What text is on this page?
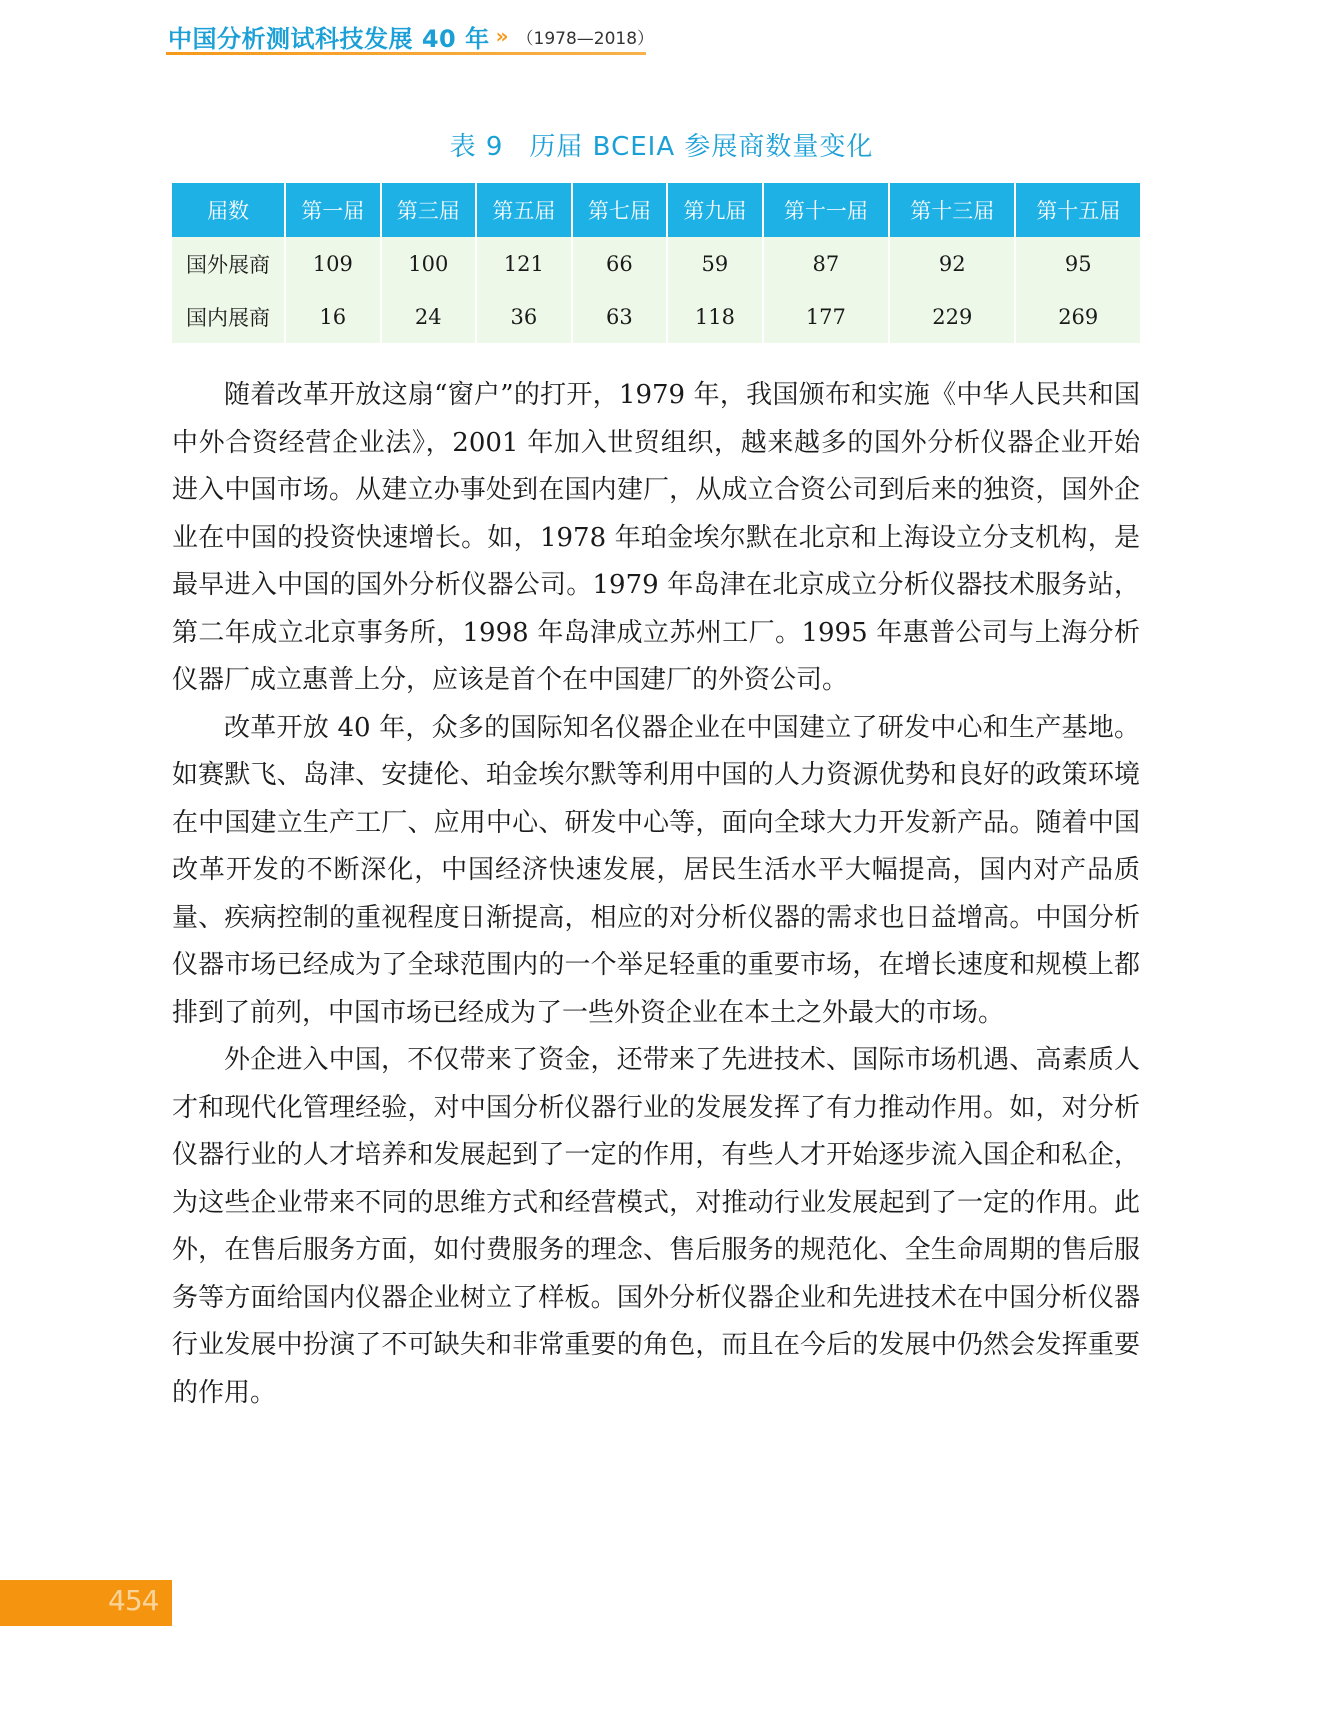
中国分析测试科技发展 40 年 » （1978—2018）
表 9 历届 BCEIA 参展商数量变化
届数	第一届	第三届	第五届	第七届	第九届	第十一届	第十三届	第十五届
国外展商	109	100	121	66	59	87	92	95
国内展商	16	24	36	63	118	177	229	269

随着改革开放这扇“窗户”的打开，1979 年，我国颁布和实施《中华人民共和国中外合资经营企业法》，2001 年加入世贸组织，越来越多的国外分析仪器企业开始进入中国市场。从建立办事处到在国内建厂，从成立合资公司到后来的独资，国外企业在中国的投资快速增长。如，1978 年珀金埃尔默在北京和上海设立分支机构，是最早进入中国的国外分析仪器公司。1979 年岛津在北京成立分析仪器技术服务站，第二年成立北京事务所，1998 年岛津成立苏州工厂。1995 年惠普公司与上海分析仪器厂成立惠普上分，应该是首个在中国建厂的外资公司。

改革开放 40 年，众多的国际知名仪器企业在中国建立了研发中心和生产基地。如赛默飞、岛津、安捷伦、珀金埃尔默等利用中国的人力资源优势和良好的政策环境在中国建立生产工厂、应用中心、研发中心等，面向全球大力开发新产品。随着中国改革开发的不断深化，中国经济快速发展，居民生活水平大幅提高，国内对产品质量、疾病控制的重视程度日渐提高，相应的对分析仪器的需求也日益增高。中国分析仪器市场已经成为了全球范围内的一个举足轻重的重要市场，在增长速度和规模上都排到了前列，中国市场已经成为了一些外资企业在本土之外最大的市场。

外企进入中国，不仅带来了资金，还带来了先进技术、国际市场机遇、高素质人才和现代化管理经验，对中国分析仪器行业的发展发挥了有力推动作用。如，对分析仪器行业的人才培养和发展起到了一定的作用，有些人才开始逐步流入国企和私企，为这些企业带来不同的思维方式和经营模式，对推动行业发展起到了一定的作用。此外，在售后服务方面，如付费服务的理念、售后服务的规范化、全生命周期的售后服务等方面给国内仪器企业树立了样板。国外分析仪器企业和先进技术在中国分析仪器行业发展中扮演了不可缺失和非常重要的角色，而且在今后的发展中仍然会发挥重要的作用。

454
